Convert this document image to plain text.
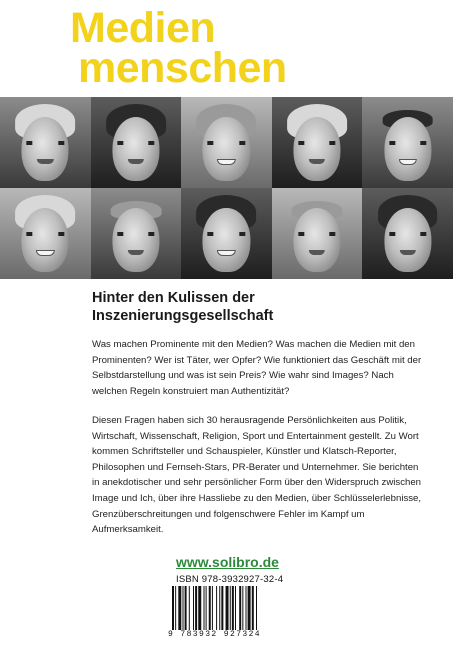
Medien
menschen
Hinter den Kulissen der
Inszenierungsgesellschaft

Was machen Prominente mit den Medien? Was machen die Medien mit den Prominenten? Wer ist Täter, wer Opfer? Wie funktioniert das Geschäft mit der Selbstdarstellung und was ist sein Preis? Wie wahr sind Images? Nach welchen Regeln konstruiert man Authentizität?

Diesen Fragen haben sich 30 herausragende Persönlichkeiten aus Politik, Wirtschaft, Wissenschaft, Religion, Sport und Entertainment gestellt. Zu Wort kommen Schriftsteller und Schauspieler, Künstler und Klatsch-Reporter, Philosophen und Fernseh-Stars, PR-Berater und Unternehmer. Sie berichten in anekdotischer und sehr persönlicher Form über den Widerspruch zwischen Image und Ich, über ihre Hassliebe zu den Medien, über Schlüsselerlebnisse, Grenzüberschreitungen und folgenschwere Fehler im Kampf um Aufmerksamkeit.

www.solibro.de
ISBN 978-3932927-32-4
9 783932 927324
